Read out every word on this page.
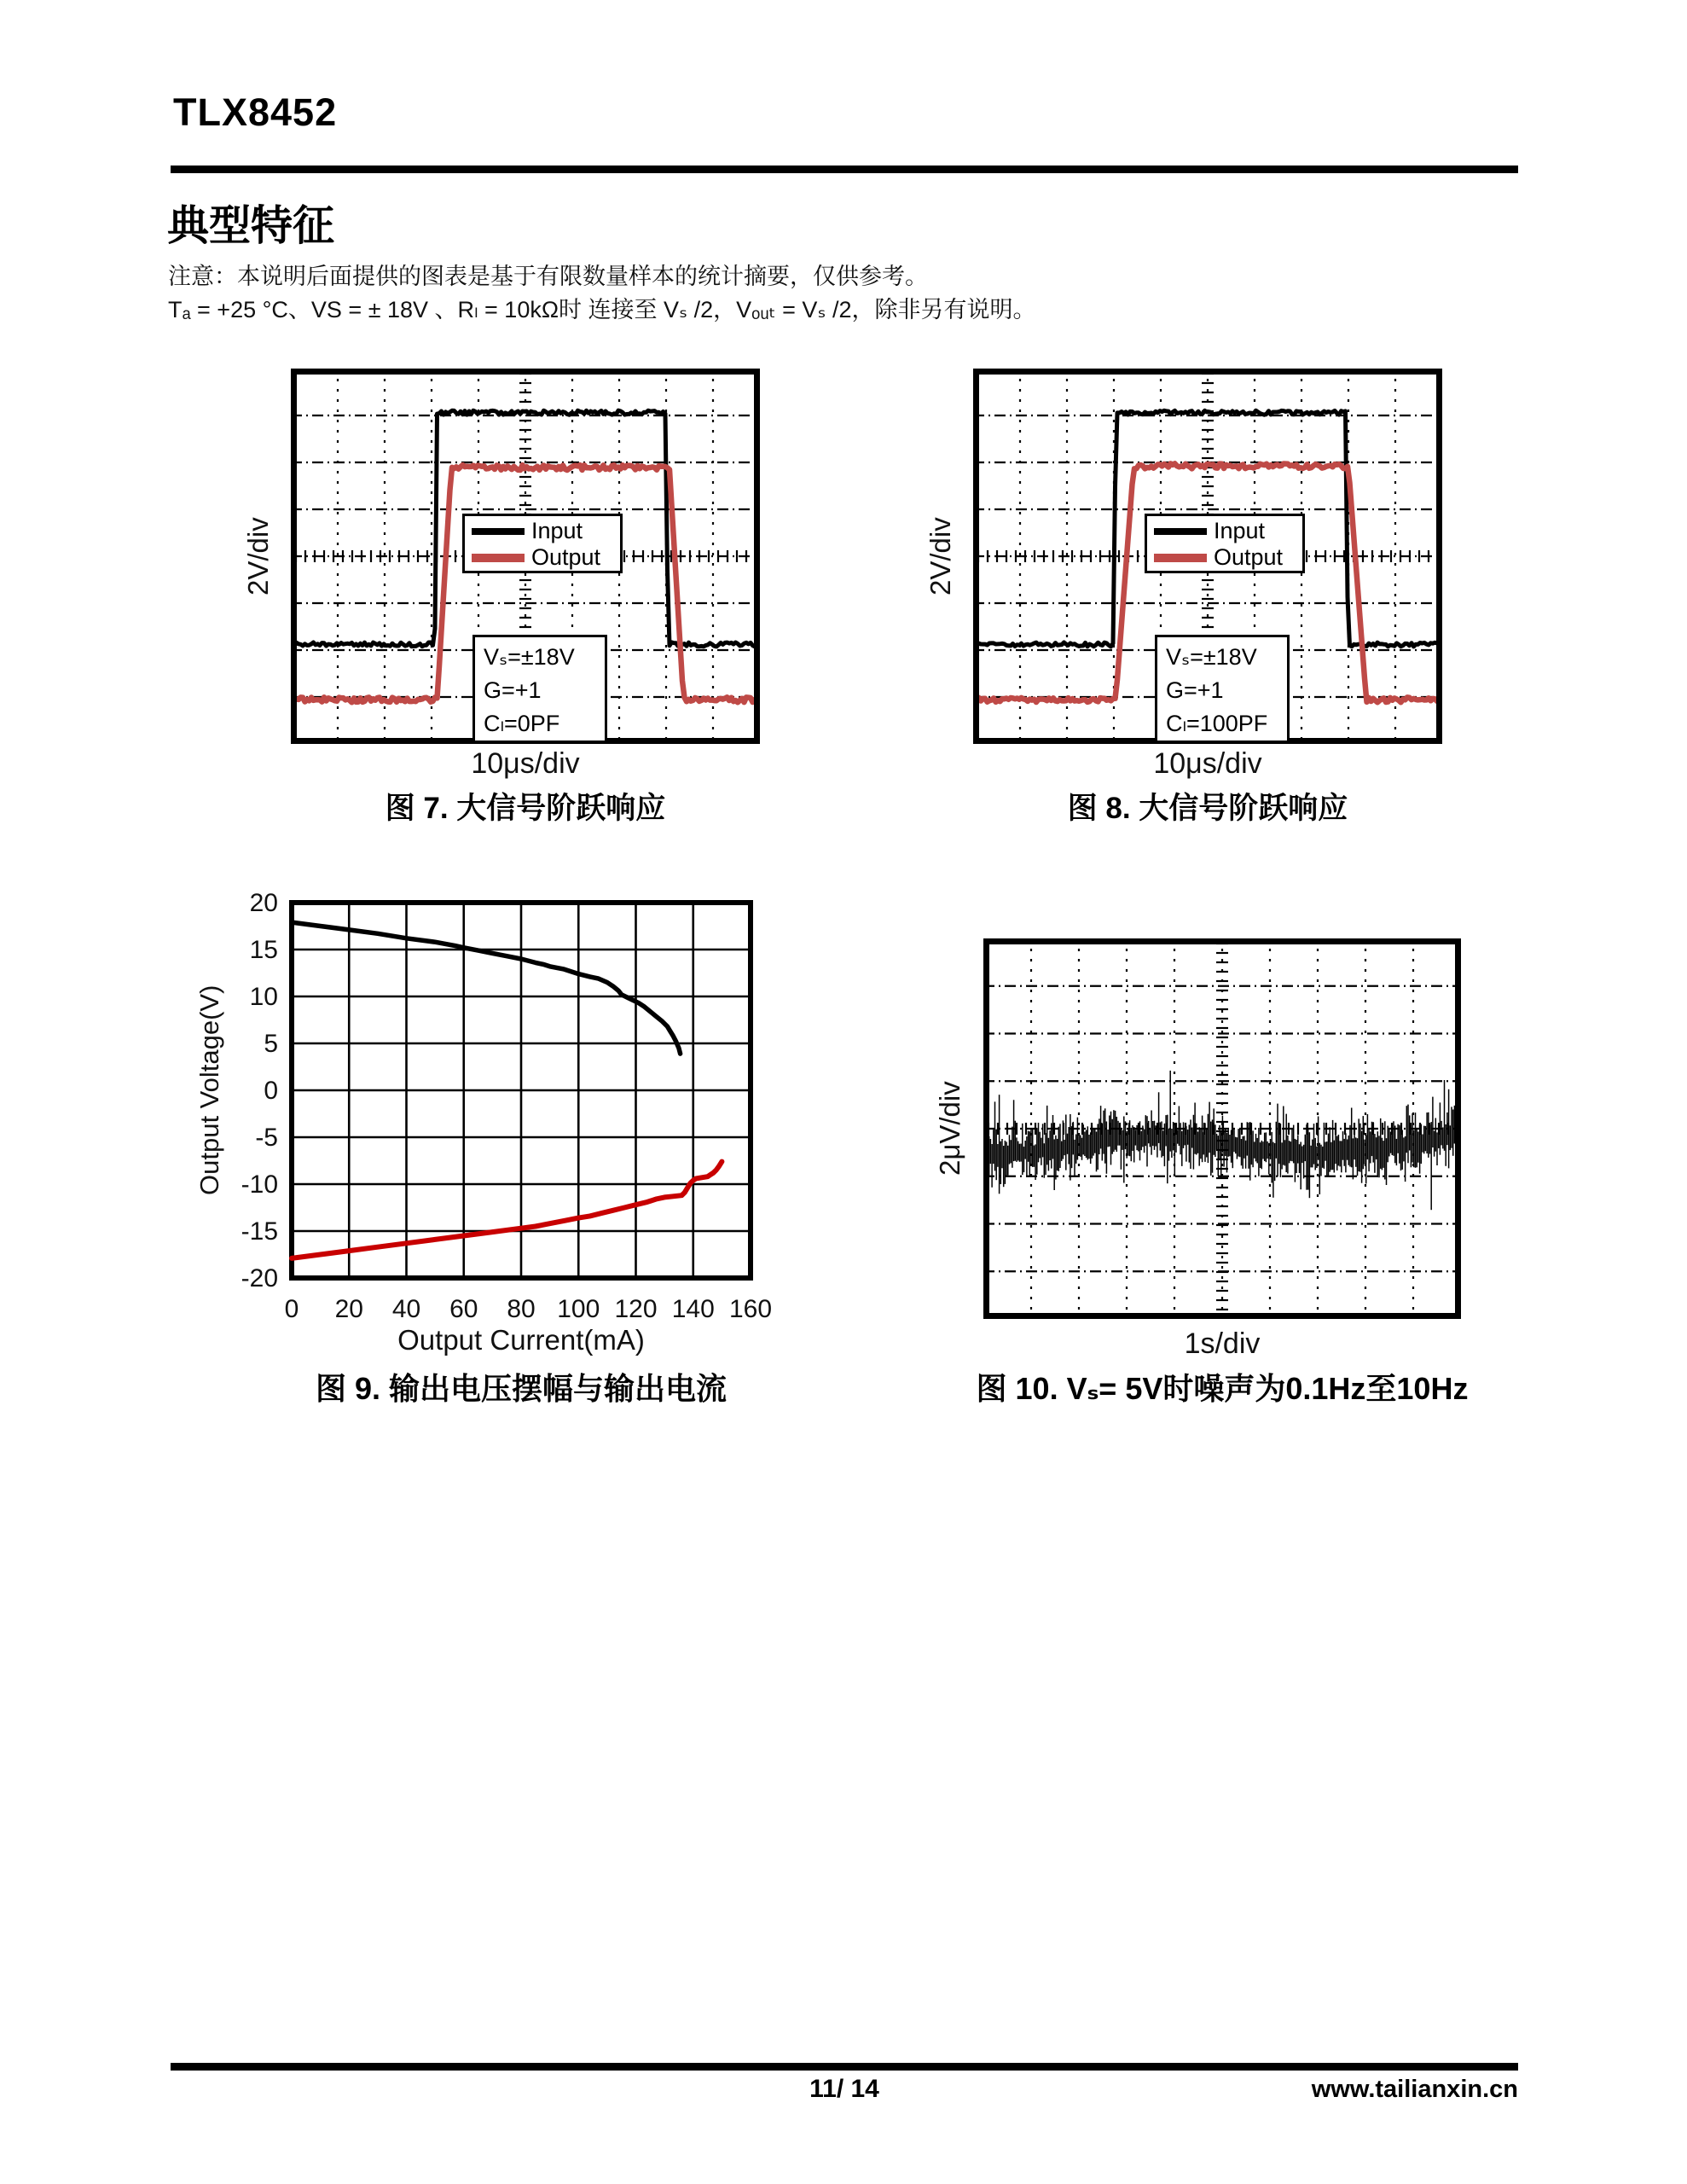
TLX8452
典型特征
注意：本说明后面提供的图表是基于有限数量样本的统计摘要，仅供参考。
Tₐ = +25 °C、VS = ± 18V 、Rₗ = 10kΩ时 连接至 Vₛ /2，Vₒᵤₜ = Vₛ /2，除非另有说明。
Input
Output
Vₛ=±18V
G=+1
Cₗ=0PF
2V/div
10μs/div
图 7. 大信号阶跃响应
Input
Output
Vₛ=±18V
G=+1
Cₗ=100PF
2V/div
10μs/div
图 8. 大信号阶跃响应
20
15
10
5
0
-5
-10
-15
-20
0 20 40 60 80 100 120 140 160
Output Voltage(V)
Output Current(mA)
图 9. 输出电压摆幅与输出电流
2μV/div
1s/div
图 10. Vₛ= 5V时噪声为0.1Hz至10Hz
11/ 14	www.tailianxin.cn
